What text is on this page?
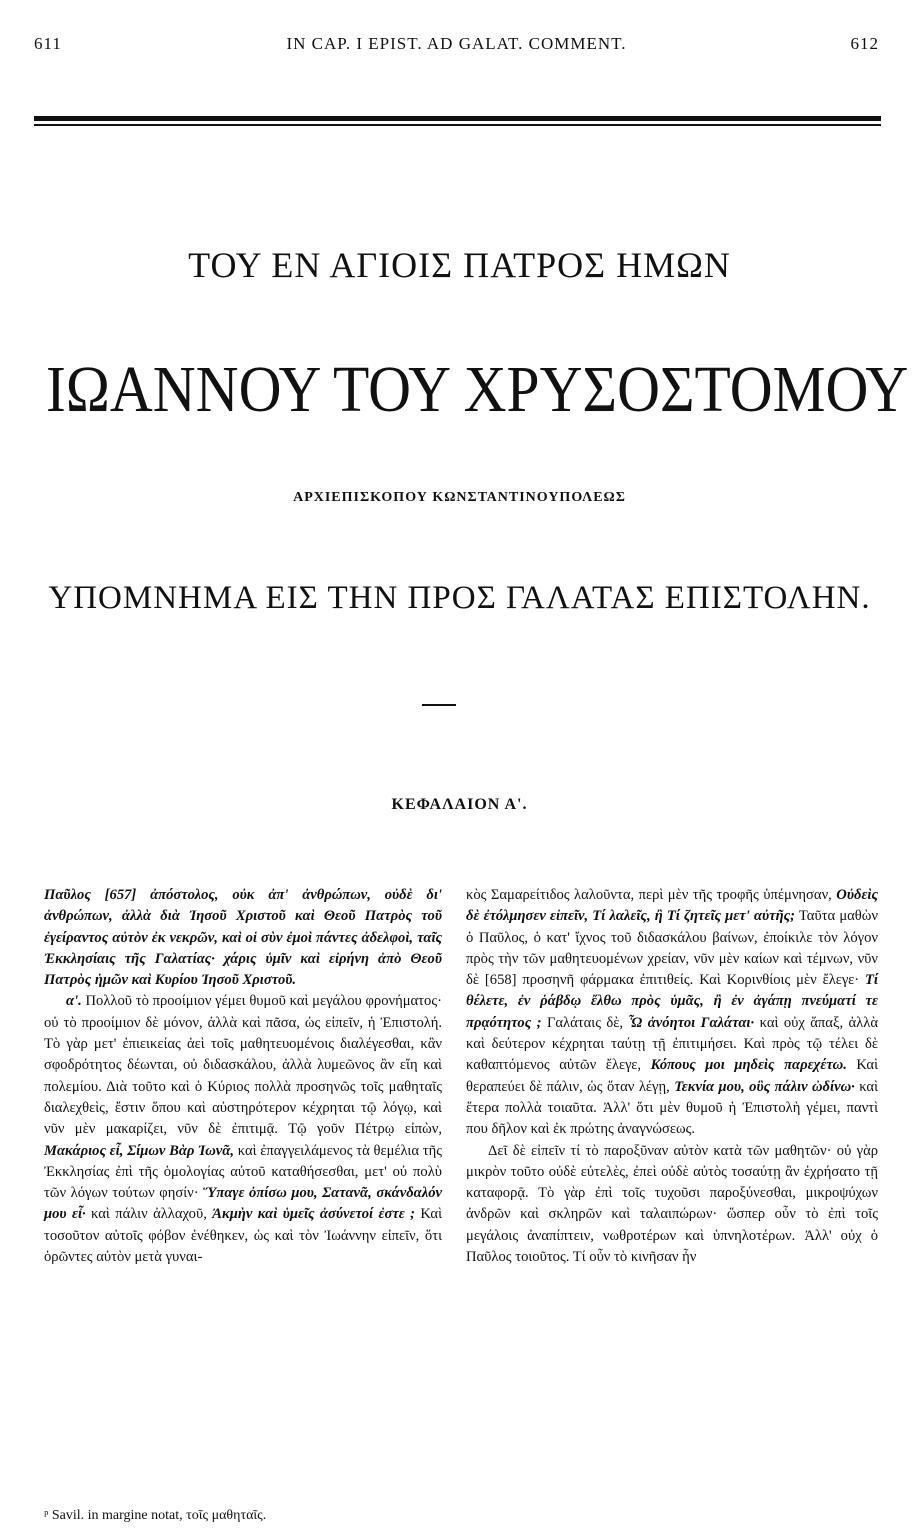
611	IN CAP. I EPIST. AD GALAT. COMMENT.	612
ΤΟΥ ΕΝ ΑΓΙΟΙΣ ΠΑΤΡΟΣ ΗΜΩΝ
ΙΩΑΝΝΟΥ ΤΟΥ ΧΡΥΣΟΣΤΟΜΟΥ
ΑΡΧΙΕΠΙΣΚΟΠΟΥ ΚΩΝΣΤΑΝΤΙΝΟΥΠΟΛΕΩΣ
ΥΠΟΜΝΗΜΑ ΕΙΣ ΤΗΝ ΠΡΟΣ ΓΑΛΑΤΑΣ ΕΠΙΣΤΟΛΗΝ.
ΚΕΦΑΛΑΙΟΝ Α'.

Παῦλος [657] ἀπόστολος, οὐκ ἀπ' ἀνθρώπων, οὐδὲ δι' ἀνθρώπων, ἀλλὰ διὰ Ἰησοῦ Χριστοῦ καὶ Θεοῦ Πατρὸς τοῦ ἐγείραντος αὐτὸν ἐκ νεκρῶν, καὶ οἱ σὺν ἐμοὶ πάντες ἀδελφοὶ, ταῖς Ἐκκλησίαις τῆς Γαλατίας· χάρις ὑμῖν καὶ εἰρήνη ἀπὸ Θεοῦ Πατρὸς ἡμῶν καὶ Κυρίου Ἰησοῦ Χριστοῦ.

α'. Πολλοῦ τὸ προοίμιον γέμει θυμοῦ καὶ μεγάλου φρονήματος· οὐ τὸ προοίμιον δὲ μόνον, ἀλλὰ καὶ πᾶσα, ὡς εἰπεῖν, ἡ Ἐπιστολή. Τὸ γὰρ μετ' ἐπιεικείας ἀεὶ τοῖς μαθητευομένοις διαλέγεσθαι, κἂν σφοδρότητος δέωνται, οὐ διδασκάλου, ἀλλὰ λυμεῶνος ἂν εἴη καὶ πολεμίου. Διὰ τοῦτο καὶ ὁ Κύριος πολλὰ προσηνῶς τοῖς μαθηταῖς διαλεχθεὶς, ἔστιν ὅπου καὶ αὐστηρότερον κέχρηται τῷ λόγῳ, καὶ νῦν μὲν μακαρίζει, νῦν δὲ ἐπιτιμᾷ. Τῷ γοῦν Πέτρῳ εἰπὼν, Μακάριος εἶ, Σίμων Βὰρ Ἰωνᾶ, καὶ ἐπαγγειλάμενος τὰ θεμέλια τῆς Ἐκκλησίας ἐπὶ τῆς ὁμολογίας αὐτοῦ καταθήσεσθαι, μετ' οὐ πολὺ τῶν λόγων τούτων φησίν· Ὕπαγε ὀπίσω μου, Σατανᾶ, σκάνδαλόν μου εἶ· καὶ πάλιν ἀλλαχοῦ, Ἀκμὴν καὶ ὑμεῖς ἀσύνετοί ἐστε ; Καὶ τοσοῦτον αὐτοῖς φόβον ἐνέθηκεν, ὡς καὶ τὸν Ἰωάννην εἰπεῖν, ὅτι ὁρῶντες αὐτὸν μετὰ γυναι-

κὸς Σαμαρείτιδος λαλοῦντα, περὶ μὲν τῆς τροφῆς ὑπέμνησαν, Οὐδεὶς δὲ ἐτόλμησεν εἰπεῖν, Τί λαλεῖς, ἢ Τί ζητεῖς μετ' αὐτῆς; Ταῦτα μαθὼν ὁ Παῦλος, ὁ κατ' ἴχνος τοῦ διδασκάλου βαίνων, ἐποίκιλε τὸν λόγον πρὸς τὴν τῶν μαθητευομένων χρείαν, νῦν μὲν καίων καὶ τέμνων, νῦν δὲ [658] προσηνῆ φάρμακα ἐπιτιθείς. Καὶ Κορινθίοις μὲν ἔλεγε· Τί θέλετε, ἐν ῥάβδῳ ἔλθω πρὸς ὑμᾶς, ἢ ἐν ἀγάπῃ πνεύματί τε πρᾳότητος ; Γαλάταις δὲ, Ὦ ἀνόητοι Γαλάται· καὶ οὐχ ἅπαξ, ἀλλὰ καὶ δεύτερον κέχρηται ταύτῃ τῇ ἐπιτιμήσει. Καὶ πρὸς τῷ τέλει δὲ καθαπτόμενος αὐτῶν ἔλεγε, Κόπους μοι μηδεὶς παρεχέτω. Καὶ θεραπεύει δὲ πάλιν, ὡς ὅταν λέγῃ, Τεκνία μου, οὓς πάλιν ὠδίνω· καὶ ἕτερα πολλὰ τοιαῦτα. Ἀλλ' ὅτι μὲν θυμοῦ ἡ Ἐπιστολὴ γέμει, παντὶ που δῆλον καὶ ἐκ πρώτης ἀναγνώσεως.

Δεῖ δὲ εἰπεῖν τί τὸ παροξῦναν αὐτὸν κατὰ τῶν μαθητῶν· οὐ γὰρ μικρὸν τοῦτο οὐδὲ εὐτελὲς, ἐπεὶ οὐδὲ αὐτὸς τοσαύτῃ ἂν ἐχρήσατο τῇ καταφορᾷ. Τὸ γὰρ ἐπὶ τοῖς τυχοῦσι παροξύνεσθαι, μικροψύχων ἀνδρῶν καὶ σκληρῶν καὶ ταλαιπώρων· ὥσπερ οὖν τὸ ἐπὶ τοῖς μεγάλοις ἀναπίπτειν, νωθροτέρων καὶ ὑπνηλοτέρων. Ἀλλ' οὐχ ὁ Παῦλος τοιοῦτος. Τί οὖν τὸ κινῆσαν ἦν

ᵖ Savil. in margine notat, τοῖς μαθηταῖς.
